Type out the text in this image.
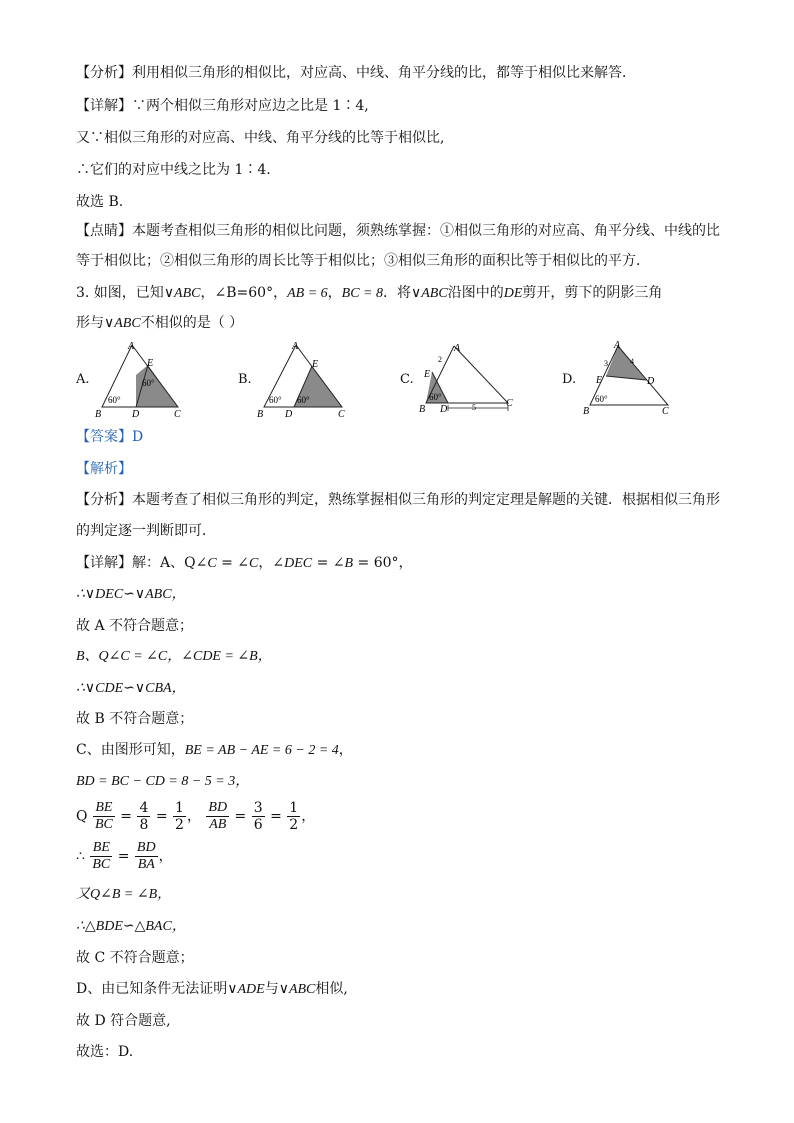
【分析】利用相似三角形的相似比，对应高、中线、角平分线的比，都等于相似比来解答．
【详解】∵两个相似三角形对应边之比是 1∶4,
又∵相似三角形的对应高、中线、角平分线的比等于相似比,
∴它们的对应中线之比为 1∶4.
故选 B.
【点睛】本题考查相似三角形的相似比问题，须熟练掌握：①相似三角形的对应高、角平分线、中线的比
等于相似比；②相似三角形的周长比等于相似比；③相似三角形的面积比等于相似比的平方．
3. 如图，已知∨ABC，∠B=60°，AB = 6，BC = 8．将∨ABC沿图中的DE剪开，剪下的阴影三角
形与∨ABC不相似的是（ ）
A.	B.	C.	D.
A
E
60°
60°
B	D	C
A
E
60° 60°
B D	C
A
2
E
60°
B D	5	C
A
3	4
E	D
60°
B	C
【答案】D
【解析】
【分析】本题考查了相似三角形的判定，熟练掌握相似三角形的判定定理是解题的关键．根据相似三角形
的判定逐一判断即可．
【详解】解：A、Q∠C = ∠C，∠DEC = ∠B = 60°，
∴∨DEC∽∨ABC，
故 A 不符合题意；
B、Q∠C = ∠C，∠CDE = ∠B，
∴∨CDE∽∨CBA，
故 B 不符合题意；
C、由图形可知，BE = AB − AE = 6 − 2 = 4，
BD = BC − CD = 8 − 5 = 3，
Q $\frac{BE}{BC} = \frac{4}{8} = \frac{1}{2}$ ， $\frac{BD}{AB} = \frac{3}{6} = \frac{1}{2}$ ，
∴ $\frac{BE}{BC} = \frac{BD}{BA}$ ，
又Q∠B = ∠B，
∴△BDE∽△BAC，
故 C 不符合题意；
D、由已知条件无法证明∨ADE与∨ABC相似,
故 D 符合题意,
故选：D.
